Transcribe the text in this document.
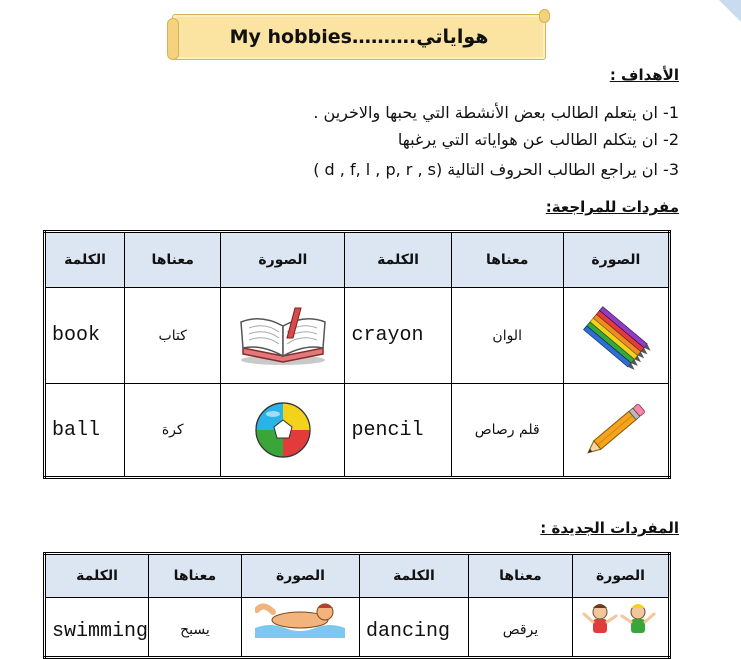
My hobbies……….هواياتي
الأهداف :
1- ان يتعلم الطالب بعض الأنشطة التي يحبها والاخرين .
2- ان يتكلم الطالب عن هواياته التي يرغبها
3- ان يراجع الطالب الحروف التالية (d , f, l , p, r , s )
مفردات للمراجعة:
الكلمة	معناها	الصورة	الكلمة	معناها	الصورة
book	كتاب		crayon	الوان	

ball	كرة		pencil	قلم رصاص	
المفردات الجديدة :
الكلمة	معناها	الصورة	الكلمة	معناها	الصورة
swimming	يسبح		dancing	يرقص	
